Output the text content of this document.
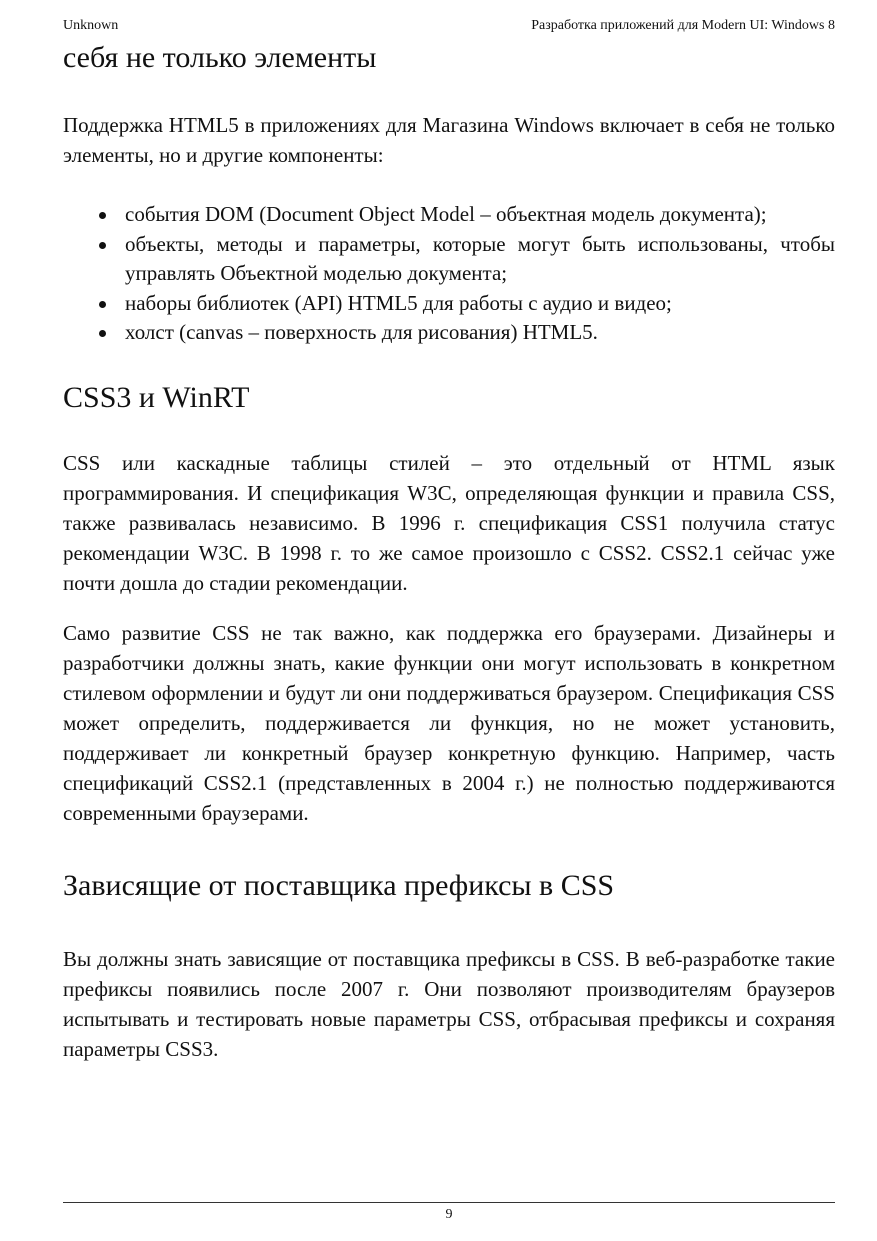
Unknown	Разработка приложений для Modern UI: Windows 8
себя не только элементы

Поддержка HTML5 в приложениях для Магазина Windows включает в себя не только элементы, но и другие компоненты:

события DOM (Document Object Model – объектная модель документа);
объекты, методы и параметры, которые могут быть использованы, чтобы управлять Объектной моделью документа;
наборы библиотек (API) HTML5 для работы с аудио и видео;
холст (canvas – поверхность для рисования) HTML5.
CSS3 и WinRT

CSS или каскадные таблицы стилей – это отдельный от HTML язык программирования. И спецификация W3C, определяющая функции и правила CSS, также развивалась независимо. В 1996 г. спецификация CSS1 получила статус рекомендации W3C. В 1998 г. то же самое произошло с CSS2. CSS2.1 сейчас уже почти дошла до стадии рекомендации.

Само развитие CSS не так важно, как поддержка его браузерами. Дизайнеры и разработчики должны знать, какие функции они могут использовать в конкретном стилевом оформлении и будут ли они поддерживаться браузером. Спецификация CSS может определить, поддерживается ли функция, но не может установить, поддерживает ли конкретный браузер конкретную функцию. Например, часть спецификаций CSS2.1 (представленных в 2004 г.) не полностью поддерживаются современными браузерами.

Зависящие от поставщика префиксы в CSS

Вы должны знать зависящие от поставщика префиксы в CSS. В веб-разработке такие префиксы появились после 2007 г. Они позволяют производителям браузеров испытывать и тестировать новые параметры CSS, отбрасывая префиксы и сохраняя параметры CSS3.

9
